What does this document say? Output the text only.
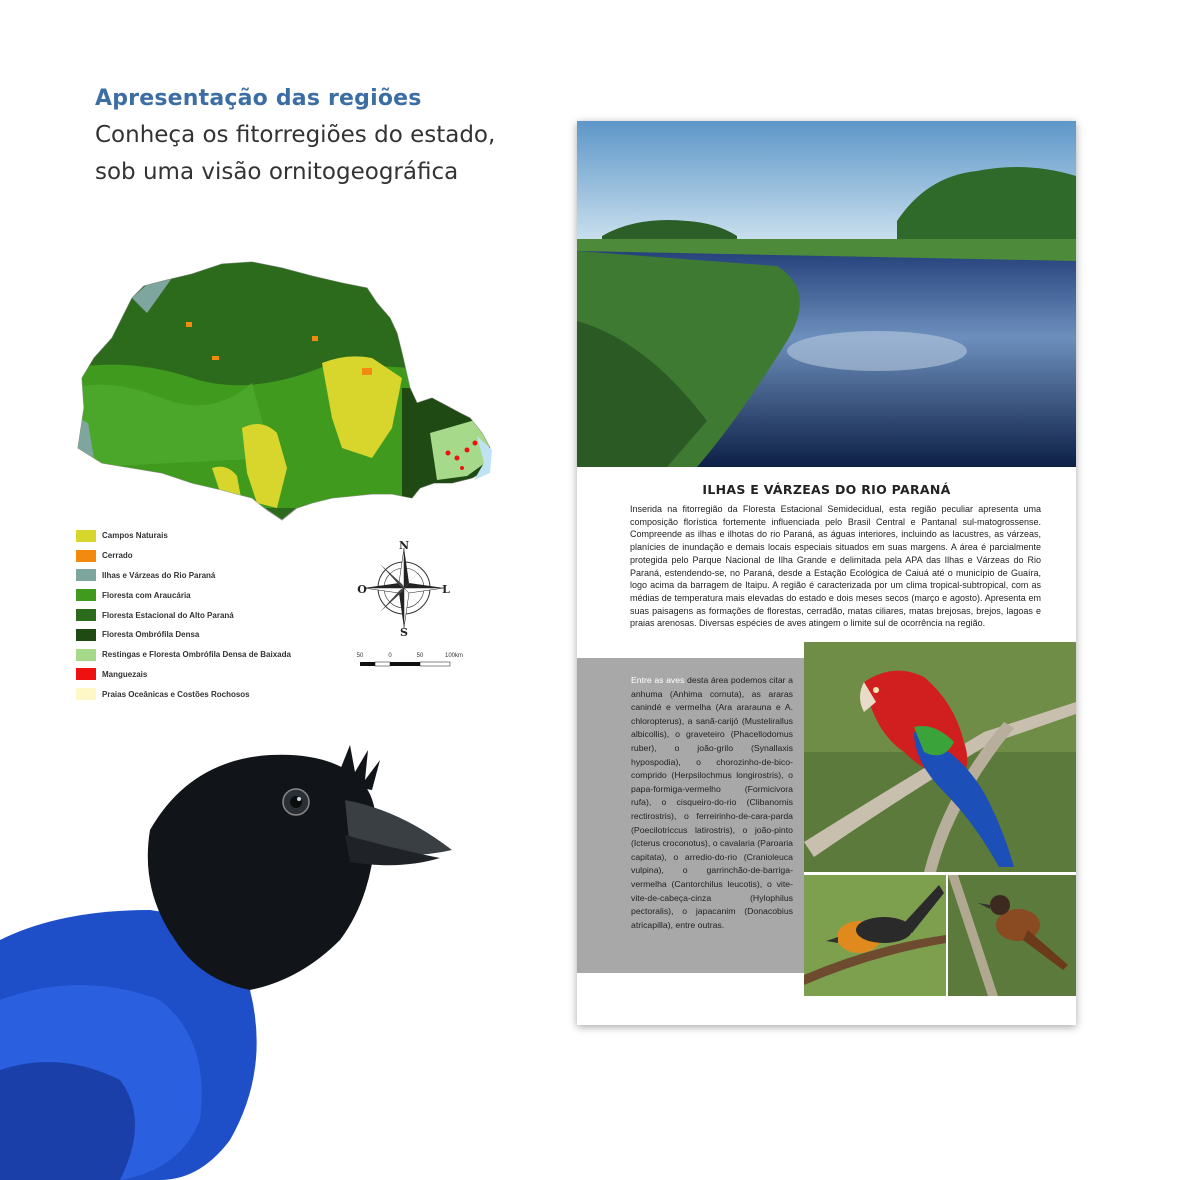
Apresentação das regiões

Conheça os fitorregiões do estado, sob uma visão ornitogeográfica

Campos Naturais
Cerrado
Ilhas e Várzeas do Rio Paraná
Floresta com Araucária
Floresta Estacional do Alto Paraná
Floresta Ombrófila Densa
Restingas e Floresta Ombrófila Densa de Baixada
Manguezais
Praias Oceânicas e Costões Rochosos
N
S
O	L
50	0	50	100km
ILHAS E VÁRZEAS DO RIO PARANÁ

Inserida na fitorregião da Floresta Estacional Semidecidual, esta região peculiar apresenta uma composição florística fortemente influenciada pelo Brasil Central e Pantanal sul-matogrossense. Compreende as ilhas e ilhotas do rio Paraná, as águas interiores, incluindo as lacustres, as várzeas, planícies de inundação e demais locais especiais situados em suas margens. A área é parcialmente protegida pelo Parque Nacional de Ilha Grande e delimitada pela APA das Ilhas e Várzeas do Rio Paraná, estendendo-se, no Paraná, desde a Estação Ecológica de Caiuá até o município de Guaíra, logo acima da barragem de Itaipu. A região é caracterizada por um clima tropical-subtropical, com as médias de temperatura mais elevadas do estado e dois meses secos (março e agosto). Apresenta em suas paisagens as formações de florestas, cerradão, matas ciliares, matas brejosas, brejos, lagoas e praias arenosas. Diversas espécies de aves atingem o limite sul de ocorrência na região.

Entre as aves desta área podemos citar a anhuma (Anhima cornuta), as araras canindé e vermelha (Ara ararauna e A. chloropterus), a sanã-carijó (Mustelirallus albicollis), o graveteiro (Phacellodomus ruber), o joão-grilo (Synallaxis hypospodia), o chorozinho-de-bico-comprido (Herpsilochmus longirostris), o papa-formiga-vermelho (Formicivora rufa), o cisqueiro-do-rio (Clibanornis rectirostris), o ferreirinho-de-cara-parda (Poecilotriccus latirostris), o joão-pinto (Icterus croconotus), o cavalaria (Paroaria capitata), o arredio-do-rio (Cranioleuca vulpina), o garrinchão-de-barriga-vermelha (Cantorchilus leucotis), o vite-vite-de-cabeça-cinza (Hylophilus pectoralis), o japacanim (Donacobius atricapilla), entre outras.
